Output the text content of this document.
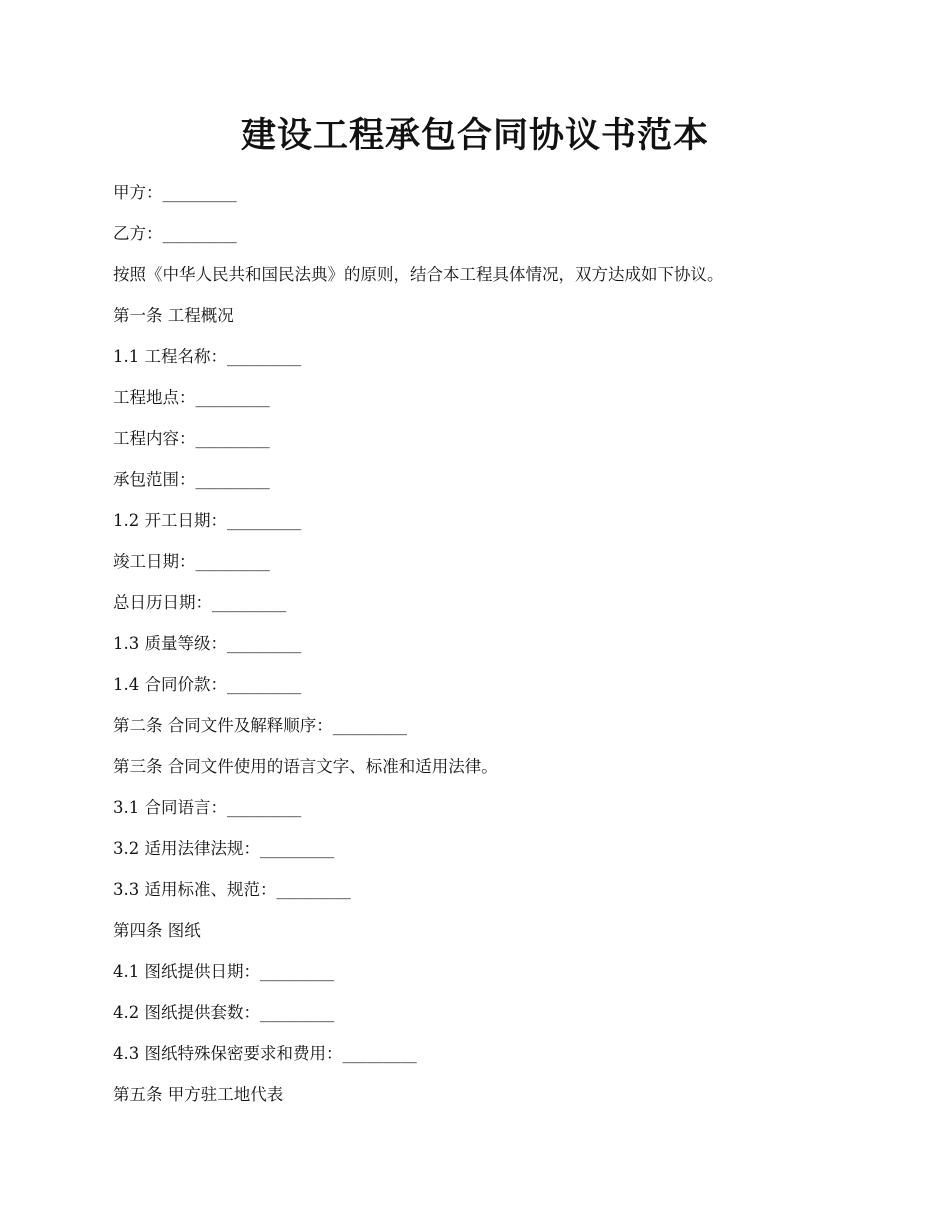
建设工程承包合同协议书范本
甲方：_________
乙方：_________
按照《中华人民共和国民法典》的原则，结合本工程具体情况，双方达成如下协议。
第一条 工程概况
1.1 工程名称：_________
工程地点：_________
工程内容：_________
承包范围：_________
1.2 开工日期：_________
竣工日期：_________
总日历日期：_________
1.3 质量等级：_________
1.4 合同价款：_________
第二条 合同文件及解释顺序：_________
第三条 合同文件使用的语言文字、标准和适用法律。
3.1 合同语言：_________
3.2 适用法律法规：_________
3.3 适用标准、规范：_________
第四条 图纸
4.1 图纸提供日期：_________
4.2 图纸提供套数：_________
4.3 图纸特殊保密要求和费用：_________
第五条 甲方驻工地代表
